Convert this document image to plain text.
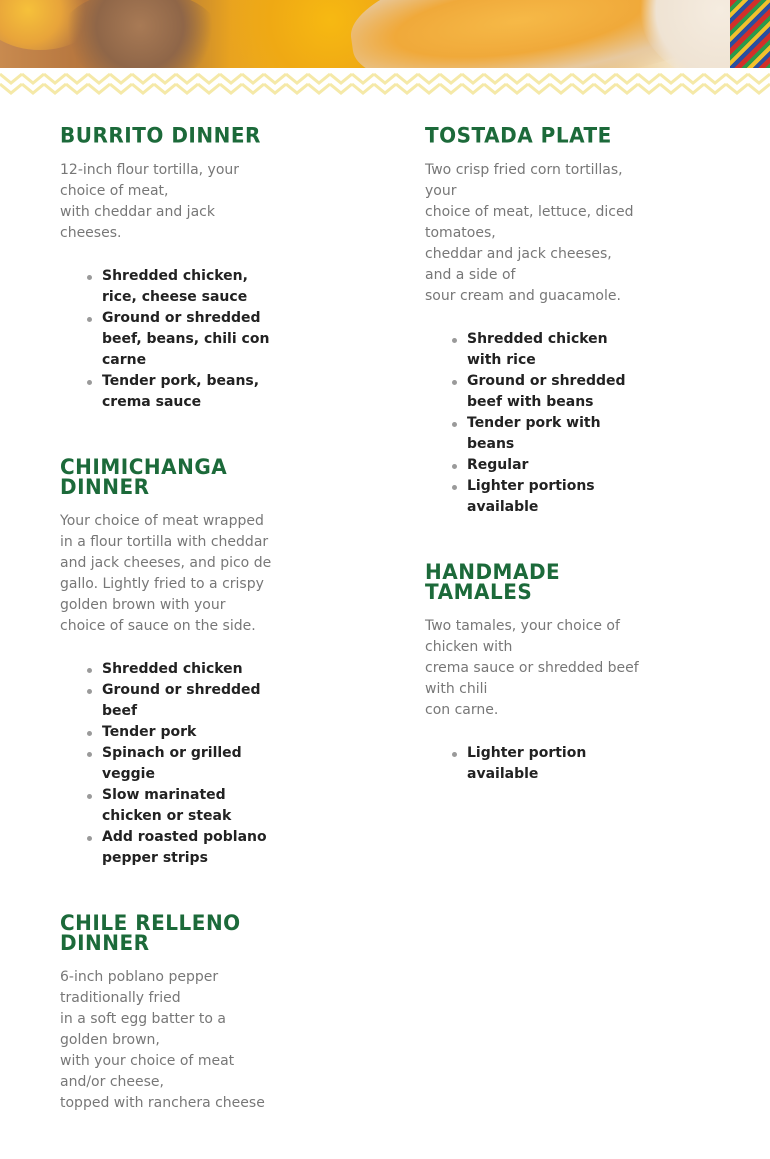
BURRITO DINNER

12-inch flour tortilla, your choice of meat,
with cheddar and jack cheeses.

Shredded chicken, rice, cheese sauce
Ground or shredded beef, beans, chili con carne
Tender pork, beans, crema sauce
CHIMICHANGA DINNER

Your choice of meat wrapped in a flour tortilla with cheddar and jack cheeses, and pico de gallo. Lightly fried to a crispy golden brown with your choice of sauce on the side.

Shredded chicken
Ground or shredded beef
Tender pork
Spinach or grilled veggie
Slow marinated chicken or steak
Add roasted poblano pepper strips
CHILE RELLENO DINNER

6-inch poblano pepper traditionally fried
in a soft egg batter to a golden brown,
with your choice of meat and/or cheese,
topped with ranchera cheese

TOSTADA PLATE

Two crisp fried corn tortillas, your
choice of meat, lettuce, diced tomatoes,
cheddar and jack cheeses, and a side of
sour cream and guacamole.

Shredded chicken with rice
Ground or shredded beef with beans
Tender pork with beans
Regular
Lighter portions available
HANDMADE TAMALES

Two tamales, your choice of chicken with
crema sauce or shredded beef with chili
con carne.

Lighter portion available
